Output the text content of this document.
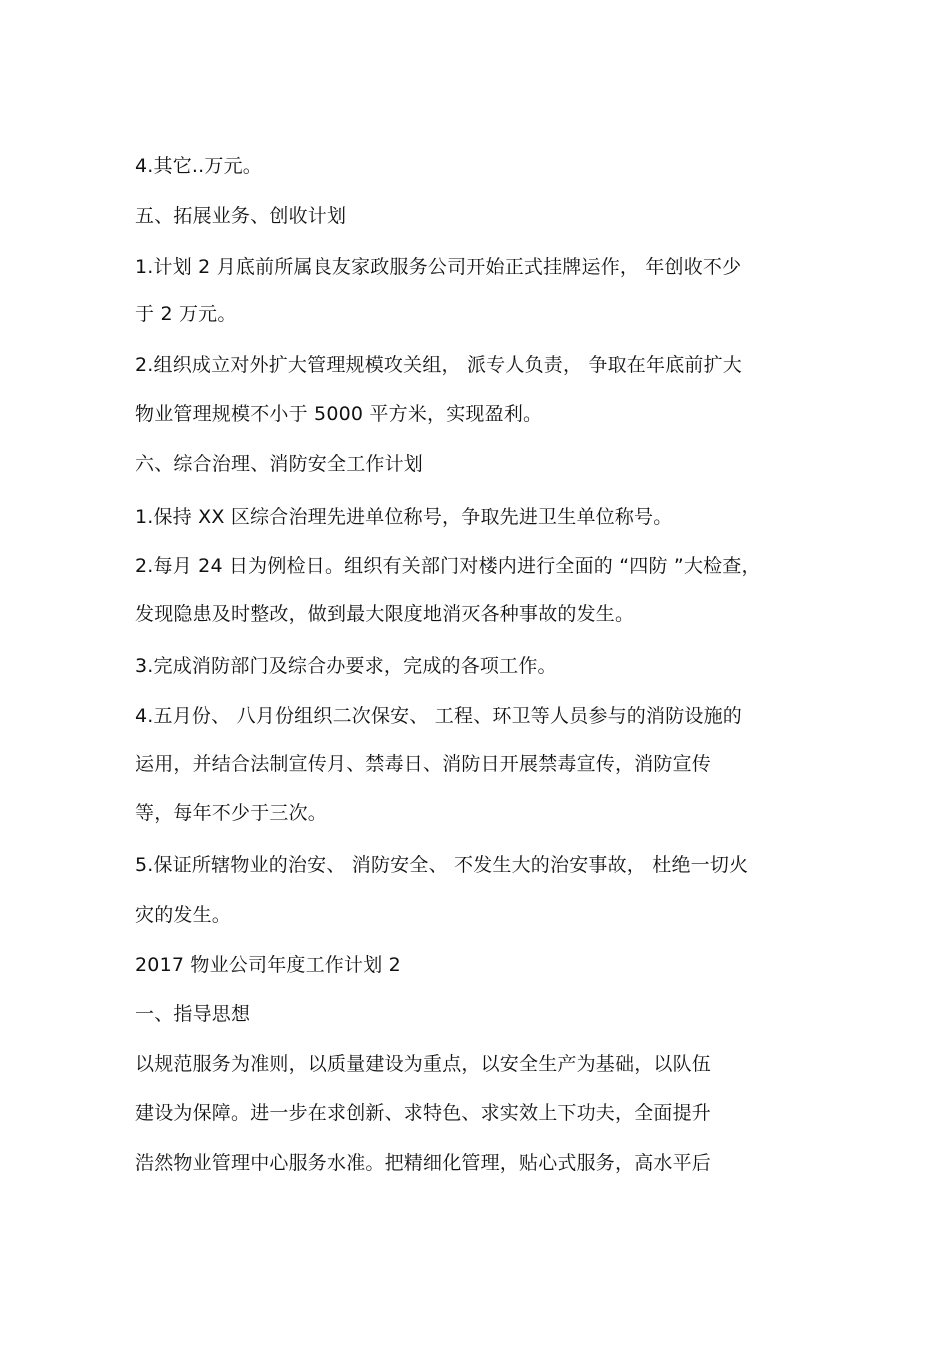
4.其它..万元。
五、拓展业务、创收计划
1.计划 2 月底前所属良友家政服务公司开始正式挂牌运作， 年创收不少
于 2 万元。
2.组织成立对外扩大管理规模攻关组， 派专人负责， 争取在年底前扩大
物业管理规模不小于 5000 平方米，实现盈利。
六、综合治理、消防安全工作计划
1.保持 XX 区综合治理先进单位称号，争取先进卫生单位称号。
2.每月 24 日为例检日。组织有关部门对楼内进行全面的 “四防 ”大检查，
发现隐患及时整改，做到最大限度地消灭各种事故的发生。
3.完成消防部门及综合办要求，完成的各项工作。
4.五月份、 八月份组织二次保安、 工程、环卫等人员参与的消防设施的
运用，并结合法制宣传月、禁毒日、消防日开展禁毒宣传，消防宣传
等，每年不少于三次。
5.保证所辖物业的治安、 消防安全、 不发生大的治安事故， 杜绝一切火
灾的发生。
2017 物业公司年度工作计划 2
一、指导思想
以规范服务为准则，以质量建设为重点，以安全生产为基础，以队伍
建设为保障。进一步在求创新、求特色、求实效上下功夫，全面提升
浩然物业管理中心服务水准。把精细化管理，贴心式服务，高水平后
